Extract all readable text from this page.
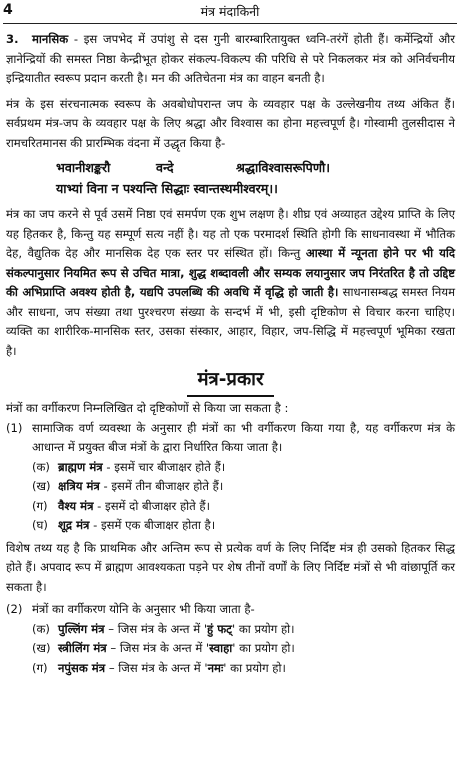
4	मंत्र मंदाकिनी

3. मानसिक - इस जपभेद में उपांशु से दस गुनी बारम्बारितायुक्त ध्वनि-तरंगें होती हैं। कर्मेन्द्रियों और ज्ञानेन्द्रियों की समस्त निष्ठा केन्द्रीभूत होकर संकल्प-विकल्प की परिधि से परे निकलकर मंत्र को अनिर्वचनीय इन्द्रियातीत स्वरूप प्रदान करती है। मन की अतिचेतना मंत्र का वाहन बनती है।

मंत्र के इस संरचनात्मक स्वरूप के अवबोधोपरान्त जप के व्यवहार पक्ष के उल्लेखनीय तथ्य अंकित हैं। सर्वप्रथम मंत्र-जप के व्यवहार पक्ष के लिए श्रद्धा और विश्वास का होना महत्त्वपूर्ण है। गोस्वामी तुलसीदास ने रामचरितमानस की प्रारम्भिक वंदना में उद्धृत किया है-

भवानीशङ्करौ	वन्दे	श्रद्धाविश्वासरूपिणौ।
याभ्यां विना न पश्यन्ति सिद्धाः स्वान्तस्थमीश्वरम्।।

मंत्र का जप करने से पूर्व उसमें निष्ठा एवं समर्पण एक शुभ लक्षण है। शीघ्र एवं अव्याहत उद्देश्य प्राप्ति के लिए यह हितकर है, किन्तु यह सम्पूर्ण सत्य नहीं है। यह तो एक परमादर्श स्थिति होगी कि साधनावस्था में भौतिक देह, वैद्युतिक देह और मानसिक देह एक स्तर पर संस्थित हों। किन्तु आस्था में न्यूनता होने पर भी यदि संकल्पानुसार नियमित रूप से उचित मात्रा, शुद्ध शब्दावली और सम्यक लयानुसार जप निरंतरित है तो उद्दिष्ट की अभिप्राप्ति अवश्य होती है, यद्यपि उपलब्धि की अवधि में वृद्धि हो जाती है। साधनासम्बद्ध समस्त नियम और साधना, जप संख्या तथा पुरश्चरण संख्या के सन्दर्भ में भी, इसी दृष्टिकोण से विचार करना चाहिए। व्यक्ति का शारीरिक-मानसिक स्तर, उसका संस्कार, आहार, विहार, जप-सिद्धि में महत्त्वपूर्ण भूमिका रखता है।

मंत्र-प्रकार

मंत्रों का वर्गीकरण निम्नलिखित दो दृष्टिकोणों से किया जा सकता है :

(1) सामाजिक वर्ण व्यवस्था के अनुसार ही मंत्रों का भी वर्गीकरण किया गया है, यह वर्गीकरण मंत्र के आधान्त में प्रयुक्त बीज मंत्रों के द्वारा निर्धारित किया जाता है।
(क) ब्राह्मण मंत्र - इसमें चार बीजाक्षर होते हैं।
(ख) क्षत्रिय मंत्र - इसमें तीन बीजाक्षर होते हैं।
(ग) वैश्य मंत्र - इसमें दो बीजाक्षर होते हैं।
(घ) शूद्र मंत्र - इसमें एक बीजाक्षर होता है।

विशेष तथ्य यह है कि प्राथमिक और अन्तिम रूप से प्रत्येक वर्ण के लिए निर्दिष्ट मंत्र ही उसको हितकर सिद्ध होते हैं। अपवाद रूप में ब्राह्मण आवश्यकता पड़ने पर शेष तीनों वर्णों के लिए निर्दिष्ट मंत्रों से भी वांछापूर्ति कर सकता है।

(2) मंत्रों का वर्गीकरण योनि के अनुसार भी किया जाता है-
(क) पुल्लिंग मंत्र – जिस मंत्र के अन्त में 'हुं फट्' का प्रयोग हो।
(ख) स्त्रीलिंग मंत्र – जिस मंत्र के अन्त में 'स्वाहा' का प्रयोग हो।
(ग) नपुंसक मंत्र – जिस मंत्र के अन्त में 'नमः' का प्रयोग हो।
